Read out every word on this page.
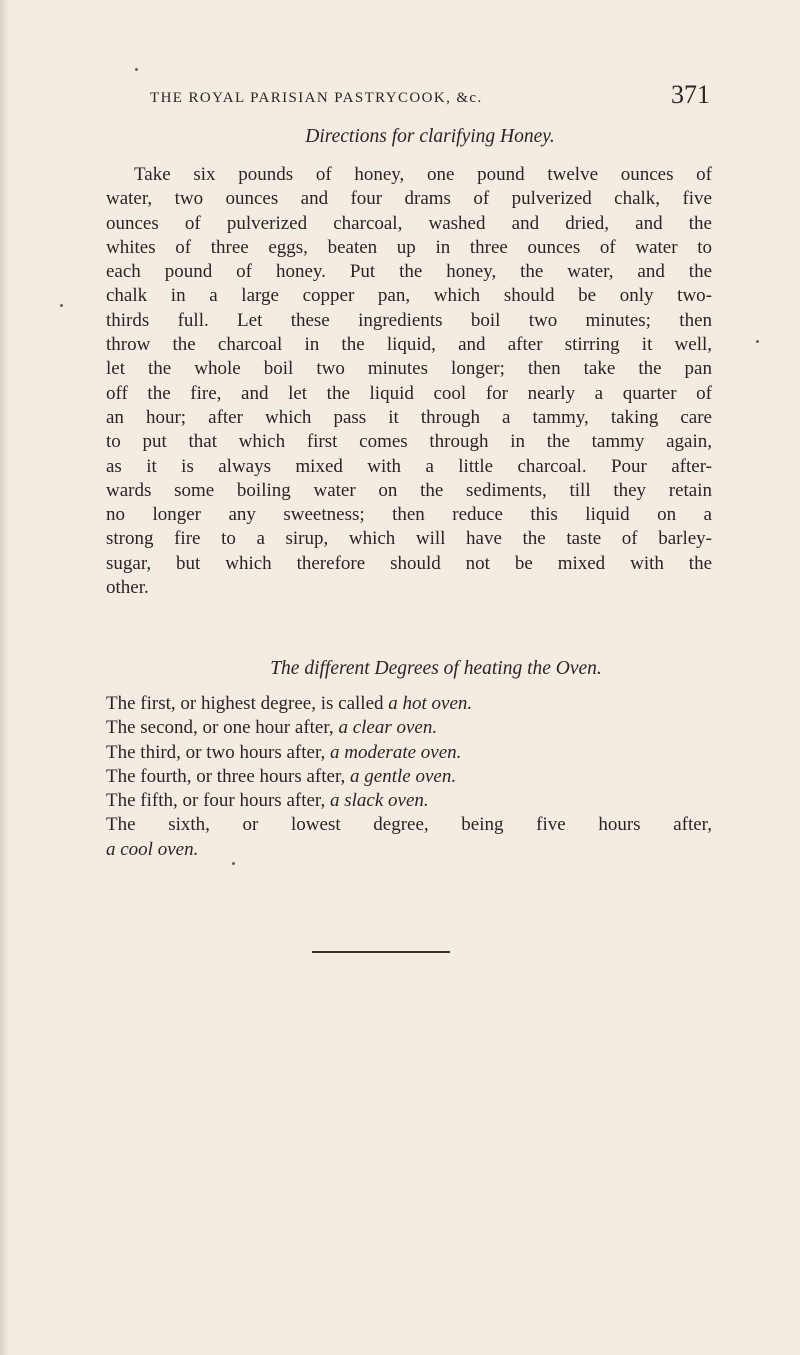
THE ROYAL PARISIAN PASTRYCOOK, &c.	371
Directions for clarifying Honey.
Take six pounds of honey, one pound twelve ounces of
water, two ounces and four drams of pulverized chalk, five
ounces of pulverized charcoal, washed and dried, and the
whites of three eggs, beaten up in three ounces of water to
each pound of honey. Put the honey, the water, and the
chalk in a large copper pan, which should be only two-
thirds full. Let these ingredients boil two minutes; then
throw the charcoal in the liquid, and after stirring it well,
let the whole boil two minutes longer; then take the pan
off the fire, and let the liquid cool for nearly a quarter of
an hour; after which pass it through a tammy, taking care
to put that which first comes through in the tammy again,
as it is always mixed with a little charcoal. Pour after-
wards some boiling water on the sediments, till they retain
no longer any sweetness; then reduce this liquid on a
strong fire to a sirup, which will have the taste of barley-
sugar, but which therefore should not be mixed with the
other.
The different Degrees of heating the Oven.
The first, or highest degree, is called a hot oven.
The second, or one hour after, a clear oven.
The third, or two hours after, a moderate oven.
The fourth, or three hours after, a gentle oven.
The fifth, or four hours after, a slack oven.
The sixth, or lowest degree, being five hours after,
a cool oven.
